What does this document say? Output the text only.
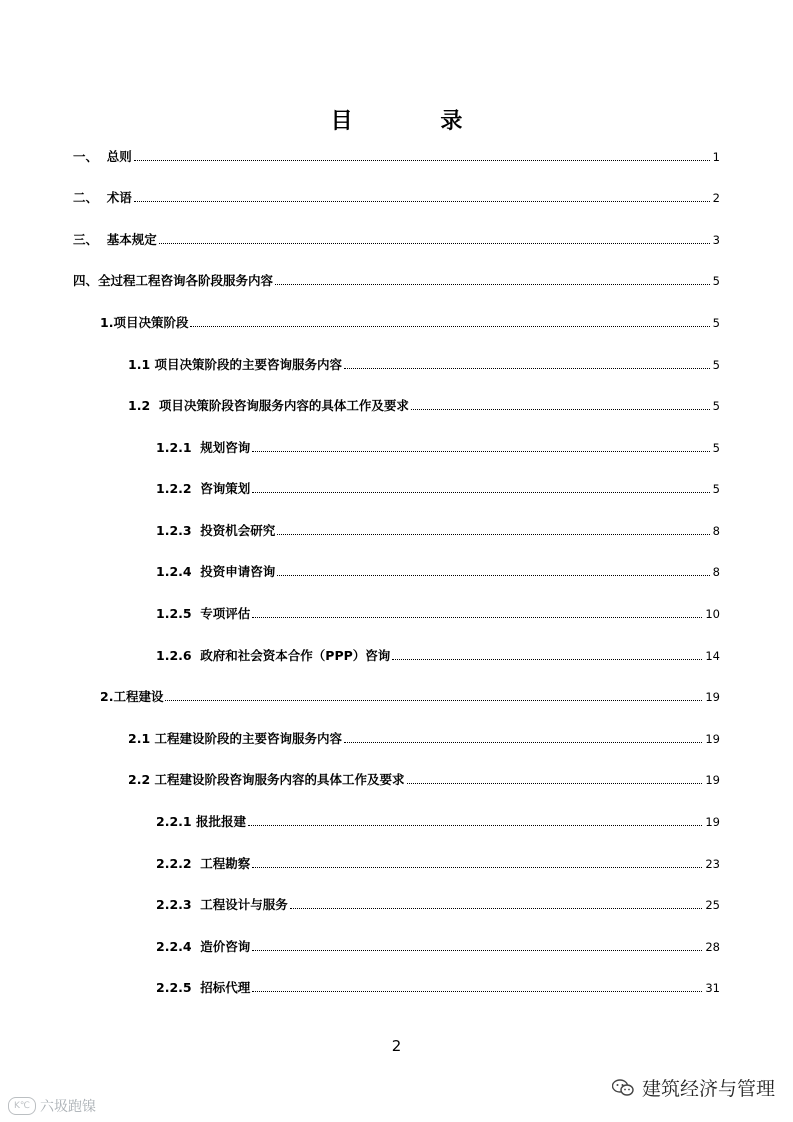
目 录
一、  总则	1
二、  术语	2
三、  基本规定	3
四、全过程工程咨询各阶段服务内容	5
1.项目决策阶段	5
1.1 项目决策阶段的主要咨询服务内容	5
1.2  项目决策阶段咨询服务内容的具体工作及要求	5
1.2.1  规划咨询	5
1.2.2  咨询策划	5
1.2.3  投资机会研究	8
1.2.4  投资申请咨询	8
1.2.5  专项评估	10
1.2.6  政府和社会资本合作（PPP）咨询	14
2.工程建设	19
2.1 工程建设阶段的主要咨询服务内容	19
2.2 工程建设阶段咨询服务内容的具体工作及要求	19
2.2.1 报批报建	19
2.2.2  工程勘察	23
2.2.3  工程设计与服务	25
2.2.4  造价咨询	28
2.2.5  招标代理	31
2
K℃ 六圾跑镍
建筑经济与管理
